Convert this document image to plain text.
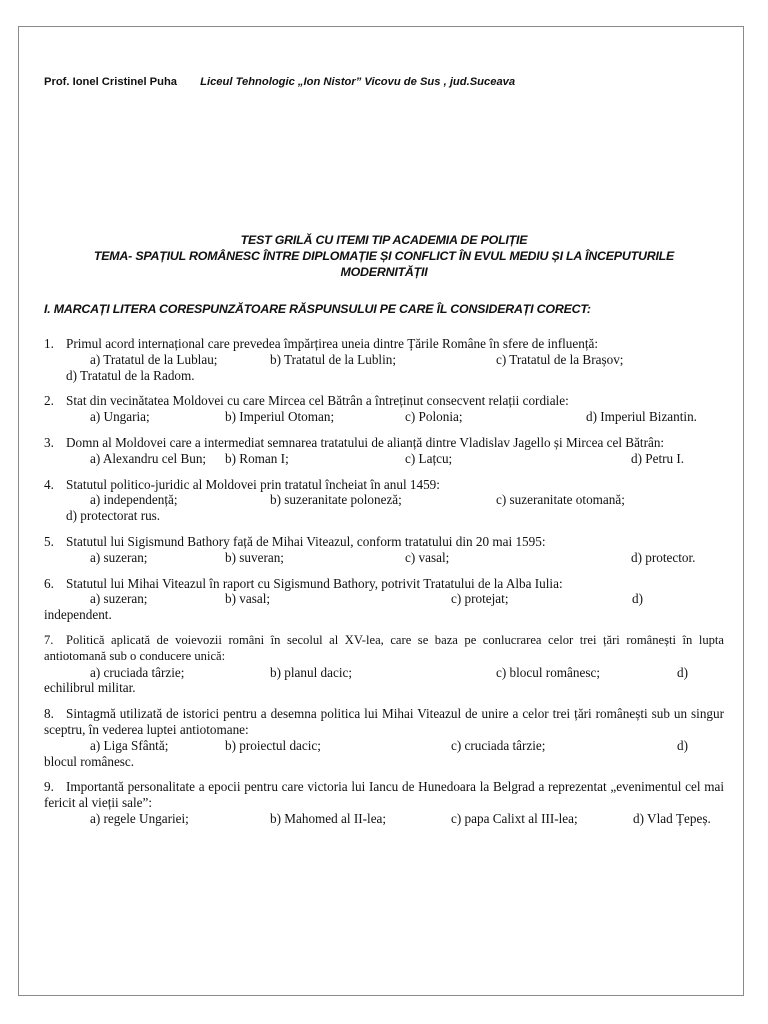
Prof. Ionel Cristinel Puha Liceul Tehnologic „Ion Nistor” Vicovu de Sus , jud.Suceava
TEST GRILĂ CU ITEMI TIP ACADEMIA DE POLIȚIE
TEMA- SPAȚIUL ROMÂNESC ÎNTRE DIPLOMAȚIE ȘI CONFLICT ÎN EVUL MEDIU ȘI LA ÎNCEPUTURILE
MODERNITĂȚII
I. MARCAȚI LITERA CORESPUNZĂTOARE RĂSPUNSULUI PE CARE ÎL CONSIDERAȚI CORECT:
1. Primul acord internațional care prevedea împărțirea uneia dintre Țările Române în sfere de influență:
a) Tratatul de la Lublau;	b) Tratatul de la Lublin;	c) Tratatul de la Brașov;
d) Tratatul de la Radom.
2. Stat din vecinătatea Moldovei cu care Mircea cel Bătrân a întreținut consecvent relații cordiale:
a) Ungaria;	b) Imperiul Otoman;	c) Polonia;	d) Imperiul Bizantin.
3. Domn al Moldovei care a intermediat semnarea tratatului de alianță dintre Vladislav Jagello și Mircea cel Bătrân:
a) Alexandru cel Bun;	b) Roman I;	c) Lațcu;	d) Petru I.
4. Statutul politico-juridic al Moldovei prin tratatul încheiat în anul 1459:
a) independență;	b) suzeranitate poloneză;	c) suzeranitate otomană;
d) protectorat rus.
5. Statutul lui Sigismund Bathory față de Mihai Viteazul, conform tratatului din 20 mai 1595:
a) suzeran;	b) suveran;	c) vasal;	d) protector.
6. Statutul lui Mihai Viteazul în raport cu Sigismund Bathory, potrivit Tratatului de la Alba Iulia:
a) suzeran;	b) vasal;	c) protejat;	d)
independent.
7. Politică aplicată de voievozii români în secolul al XV-lea, care se baza pe conlucrarea celor trei țări românești în lupta antiotomană sub o conducere unică:
a) cruciada târzie;	b) planul dacic;	c) blocul românesc;	d)
echilibrul militar.
8. Sintagmă utilizată de istorici pentru a desemna politica lui Mihai Viteazul de unire a celor trei țări românești sub un singur sceptru, în vederea luptei antiotomane:
a) Liga Sfântă;	b) proiectul dacic;	c) cruciada târzie;	d)
blocul românesc.
9. Importantă personalitate a epocii pentru care victoria lui Iancu de Hunedoara la Belgrad a reprezentat „evenimentul cel mai fericit al vieții sale”:
a) regele Ungariei;	b) Mahomed al II-lea;	c) papa Calixt al III-lea;	d) Vlad Țepeș.
